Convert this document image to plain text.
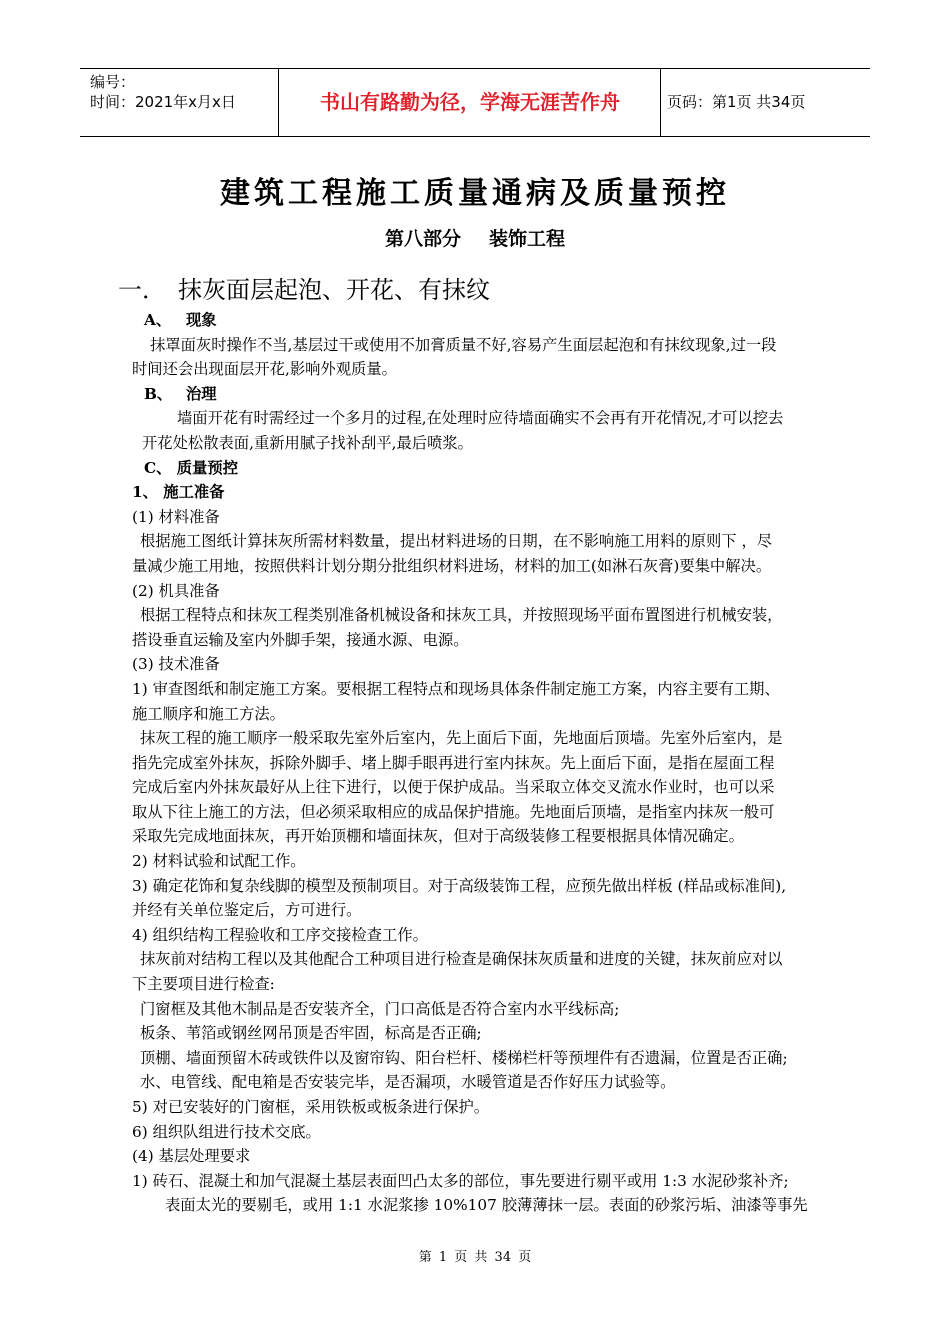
编号：
时间：2021年x月x日	书山有路勤为径，学海无涯苦作舟	页码：第1页 共34页
建筑工程施工质量通病及质量预控
第八部分 装饰工程
一． 抹灰面层起泡、开花、有抹纹

A、 现象

抹罩面灰时操作不当,基层过干或使用不加膏质量不好,容易产生面层起泡和有抹纹现象,过一段

时间还会出现面层开花,影响外观质量。

B、 治理

墙面开花有时需经过一个多月的过程,在处理时应待墙面确实不会再有开花情况,才可以挖去

开花处松散表面,重新用腻子找补刮平,最后喷浆。

C、 质量预控

1、 施工准备

(1) 材料准备

根据施工图纸计算抹灰所需材料数量，提出材料进场的日期，在不影响施工用料的原则下 ，尽

量减少施工用地，按照供料计划分期分批组织材料进场，材料的加工(如淋石灰膏)要集中解决。

(2) 机具准备

根据工程特点和抹灰工程类别准备机械设备和抹灰工具，并按照现场平面布置图进行机械安装，

搭设垂直运输及室内外脚手架，接通水源、电源。

(3) 技术准备

1) 审查图纸和制定施工方案。要根据工程特点和现场具体条件制定施工方案，内容主要有工期、

施工顺序和施工方法。

抹灰工程的施工顺序一般采取先室外后室内，先上面后下面，先地面后顶墙。先室外后室内，是

指先完成室外抹灰，拆除外脚手、堵上脚手眼再进行室内抹灰。先上面后下面，是指在屋面工程

完成后室内外抹灰最好从上往下进行，以便于保护成品。当采取立体交叉流水作业时，也可以采

取从下往上施工的方法，但必须采取相应的成品保护措施。先地面后顶墙，是指室内抹灰一般可

采取先完成地面抹灰，再开始顶棚和墙面抹灰，但对于高级装修工程要根据具体情况确定。

2) 材料试验和试配工作。

3) 确定花饰和复杂线脚的模型及预制项目。对于高级装饰工程，应预先做出样板 (样品或标准间),

并经有关单位鉴定后，方可进行。

4) 组织结构工程验收和工序交接检查工作。

抹灰前对结构工程以及其他配合工种项目进行检查是确保抹灰质量和进度的关键，抹灰前应对以

下主要项目进行检查:

门窗框及其他木制品是否安装齐全，门口高低是否符合室内水平线标高;

板条、苇箔或钢丝网吊顶是否牢固，标高是否正确;

顶棚、墙面预留木砖或铁件以及窗帘钩、阳台栏杆、楼梯栏杆等预埋件有否遗漏，位置是否正确;

水、电管线、配电箱是否安装完毕，是否漏项，水暖管道是否作好压力试验等。

5) 对已安装好的门窗框，采用铁板或板条进行保护。

6) 组织队组进行技术交底。

(4) 基层处理要求

1) 砖石、混凝土和加气混凝土基层表面凹凸太多的部位，事先要进行剔平或用 1:3 水泥砂浆补齐;

表面太光的要剔毛，或用 1:1 水泥浆掺 10%107 胶薄薄抹一层。表面的砂浆污垢、油漆等事先

第 1 页 共 34 页
